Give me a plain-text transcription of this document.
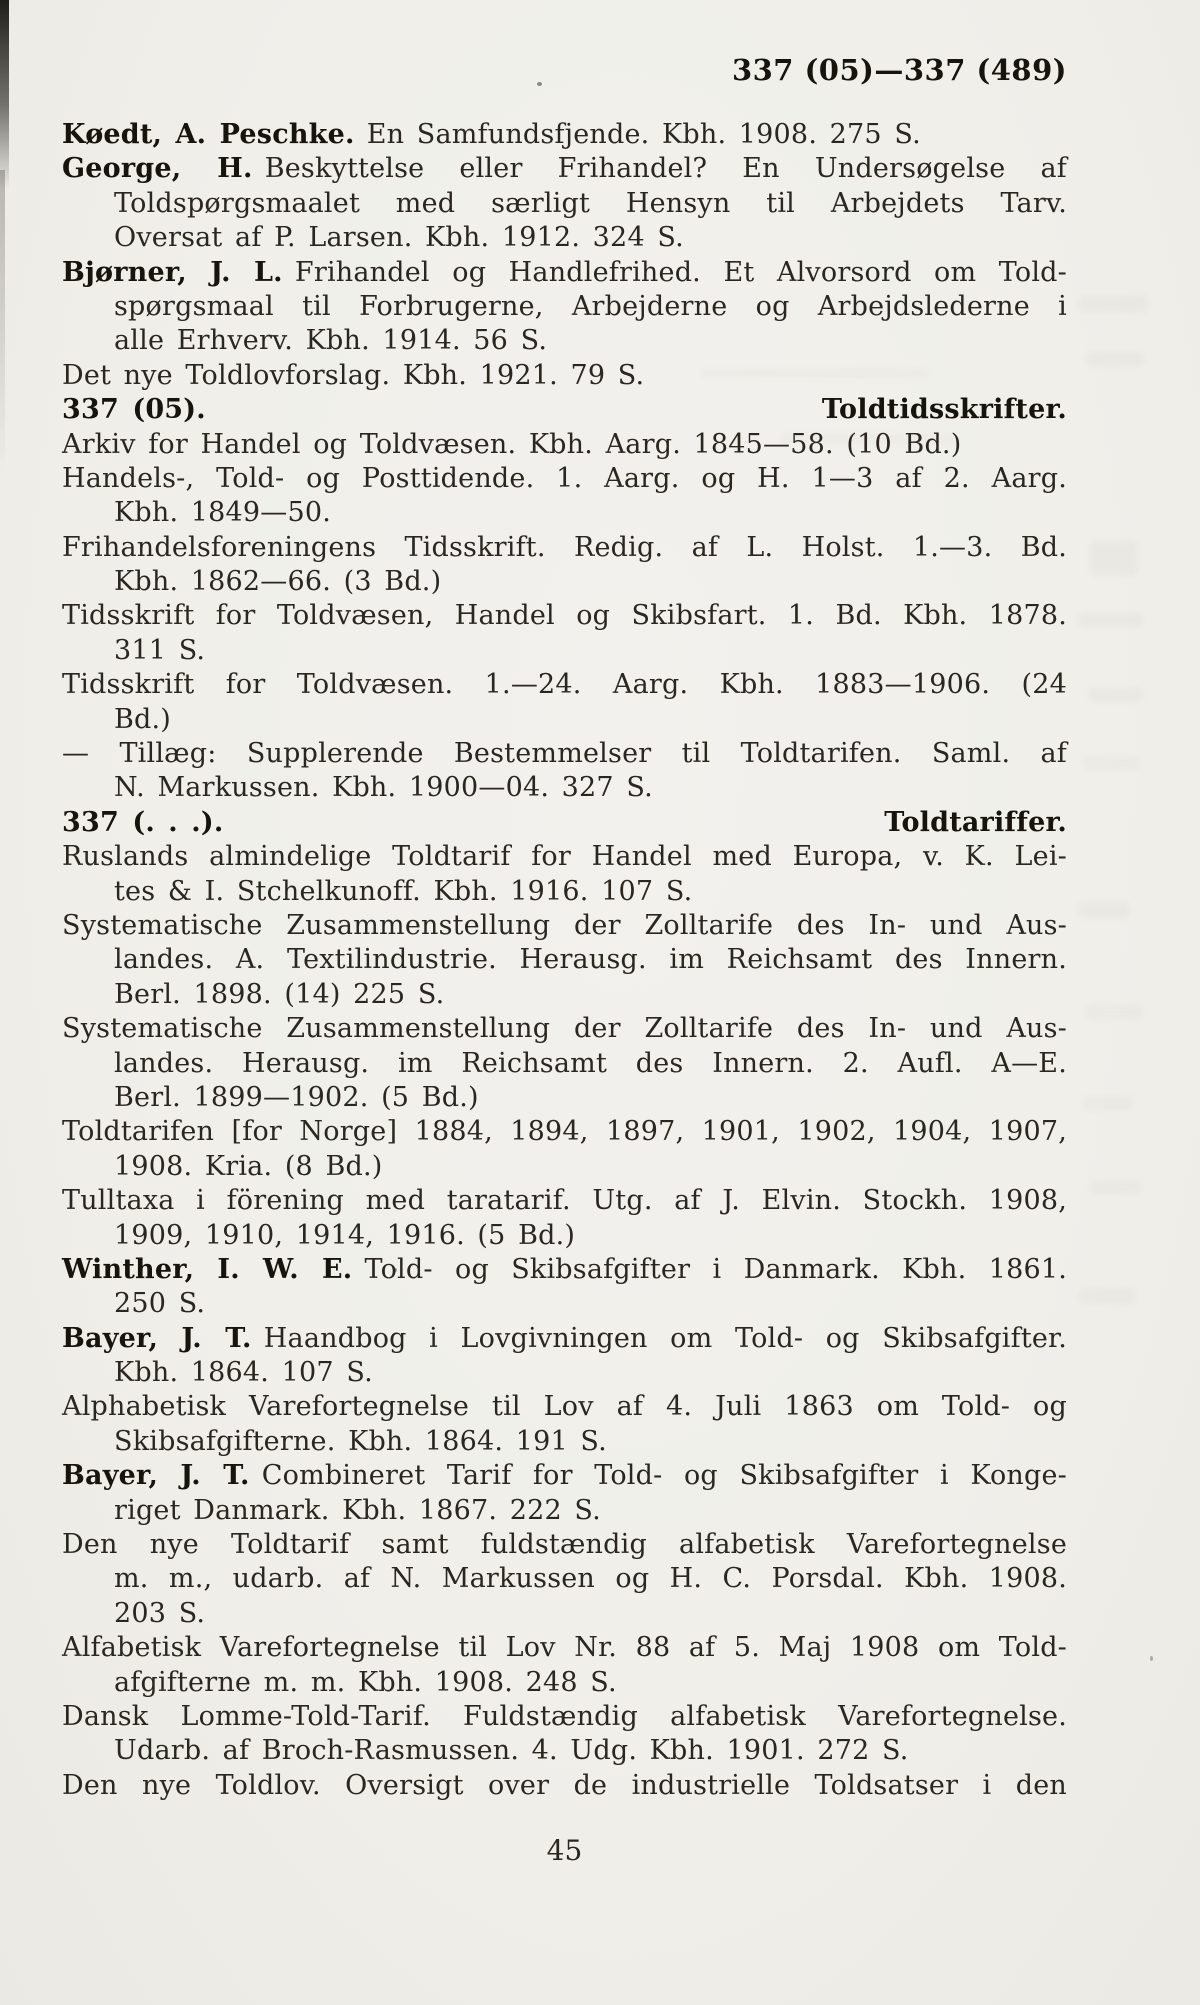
337 (05)—337 (489)
Køedt, A. Peschke. En Samfundsfjende. Kbh. 1908. 275 S.
George, H. Beskyttelse eller Frihandel? En Undersøgelse af
Toldspørgsmaalet med særligt Hensyn til Arbejdets Tarv.
Oversat af P. Larsen. Kbh. 1912. 324 S.
Bjørner, J. L. Frihandel og Handlefrihed. Et Alvorsord om Told-
spørgsmaal til Forbrugerne, Arbejderne og Arbejdslederne i
alle Erhverv. Kbh. 1914. 56 S.
Det nye Toldlovforslag. Kbh. 1921. 79 S.
337 (05).	Toldtidsskrifter.
Arkiv for Handel og Toldvæsen. Kbh. Aarg. 1845—58. (10 Bd.)
Handels-, Told- og Posttidende. 1. Aarg. og H. 1—3 af 2. Aarg.
Kbh. 1849—50.
Frihandelsforeningens Tidsskrift. Redig. af L. Holst. 1.—3. Bd.
Kbh. 1862—66. (3 Bd.)
Tidsskrift for Toldvæsen, Handel og Skibsfart. 1. Bd. Kbh. 1878.
311 S.
Tidsskrift for Toldvæsen. 1.—24. Aarg. Kbh. 1883—1906. (24
Bd.)
— Tillæg: Supplerende Bestemmelser til Toldtarifen. Saml. af
N. Markussen. Kbh. 1900—04. 327 S.
337 (. . .).	Toldtariffer.
Ruslands almindelige Toldtarif for Handel med Europa, v. K. Lei-
tes & I. Stchelkunoff. Kbh. 1916. 107 S.
Systematische Zusammenstellung der Zolltarife des In- und Aus-
landes. A. Textilindustrie. Herausg. im Reichsamt des Innern.
Berl. 1898. (14) 225 S.
Systematische Zusammenstellung der Zolltarife des In- und Aus-
landes. Herausg. im Reichsamt des Innern. 2. Aufl. A—E.
Berl. 1899—1902. (5 Bd.)
Toldtarifen [for Norge] 1884, 1894, 1897, 1901, 1902, 1904, 1907,
1908. Kria. (8 Bd.)
Tulltaxa i förening med taratarif. Utg. af J. Elvin. Stockh. 1908,
1909, 1910, 1914, 1916. (5 Bd.)
Winther, I. W. E. Told- og Skibsafgifter i Danmark. Kbh. 1861.
250 S.
Bayer, J. T. Haandbog i Lovgivningen om Told- og Skibsafgifter.
Kbh. 1864. 107 S.
Alphabetisk Varefortegnelse til Lov af 4. Juli 1863 om Told- og
Skibsafgifterne. Kbh. 1864. 191 S.
Bayer, J. T. Combineret Tarif for Told- og Skibsafgifter i Konge-
riget Danmark. Kbh. 1867. 222 S.
Den nye Toldtarif samt fuldstændig alfabetisk Varefortegnelse
m. m., udarb. af N. Markussen og H. C. Porsdal. Kbh. 1908.
203 S.
Alfabetisk Varefortegnelse til Lov Nr. 88 af 5. Maj 1908 om Told-
afgifterne m. m. Kbh. 1908. 248 S.
Dansk Lomme-Told-Tarif. Fuldstændig alfabetisk Varefortegnelse.
Udarb. af Broch-Rasmussen. 4. Udg. Kbh. 1901. 272 S.
Den nye Toldlov. Oversigt over de industrielle Toldsatser i den
45
